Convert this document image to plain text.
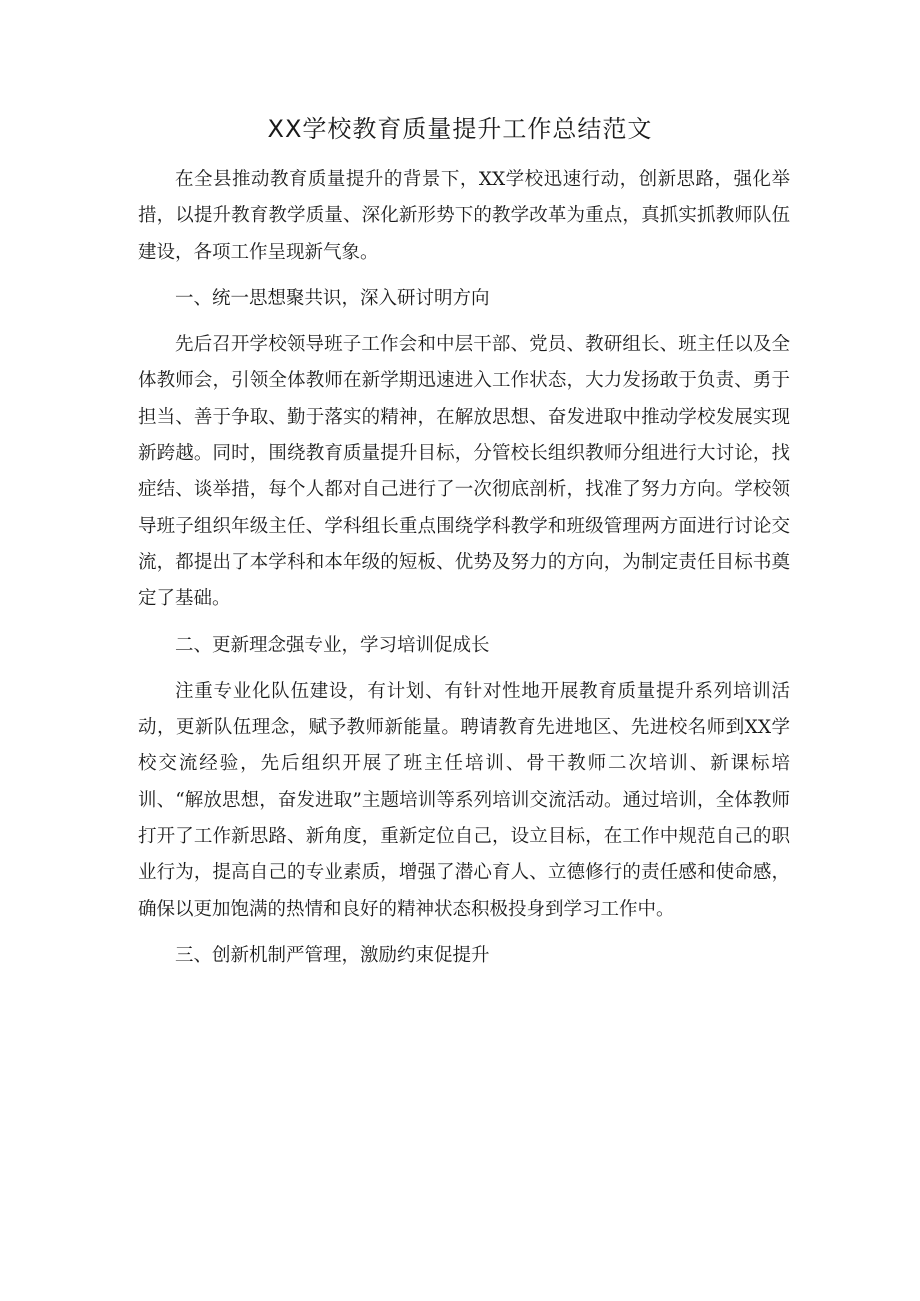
XX学校教育质量提升工作总结范文

在全县推动教育质量提升的背景下，XX学校迅速行动，创新思路，强化举措，以提升教育教学质量、深化新形势下的教学改革为重点，真抓实抓教师队伍建设，各项工作呈现新气象。

一、统一思想聚共识，深入研讨明方向

先后召开学校领导班子工作会和中层干部、党员、教研组长、班主任以及全体教师会，引领全体教师在新学期迅速进入工作状态，大力发扬敢于负责、勇于担当、善于争取、勤于落实的精神，在解放思想、奋发进取中推动学校发展实现新跨越。同时，围绕教育质量提升目标，分管校长组织教师分组进行大讨论，找症结、谈举措，每个人都对自己进行了一次彻底剖析，找准了努力方向。学校领导班子组织年级主任、学科组长重点围绕学科教学和班级管理两方面进行讨论交流，都提出了本学科和本年级的短板、优势及努力的方向，为制定责任目标书奠定了基础。

二、更新理念强专业，学习培训促成长

注重专业化队伍建设，有计划、有针对性地开展教育质量提升系列培训活动，更新队伍理念，赋予教师新能量。聘请教育先进地区、先进校名师到XX学校交流经验，先后组织开展了班主任培训、骨干教师二次培训、新课标培训、“解放思想，奋发进取”主题培训等系列培训交流活动。通过培训，全体教师打开了工作新思路、新角度，重新定位自己，设立目标，在工作中规范自己的职业行为，提高自己的专业素质，增强了潜心育人、立德修行的责任感和使命感，确保以更加饱满的热情和良好的精神状态积极投身到学习工作中。

三、创新机制严管理，激励约束促提升
